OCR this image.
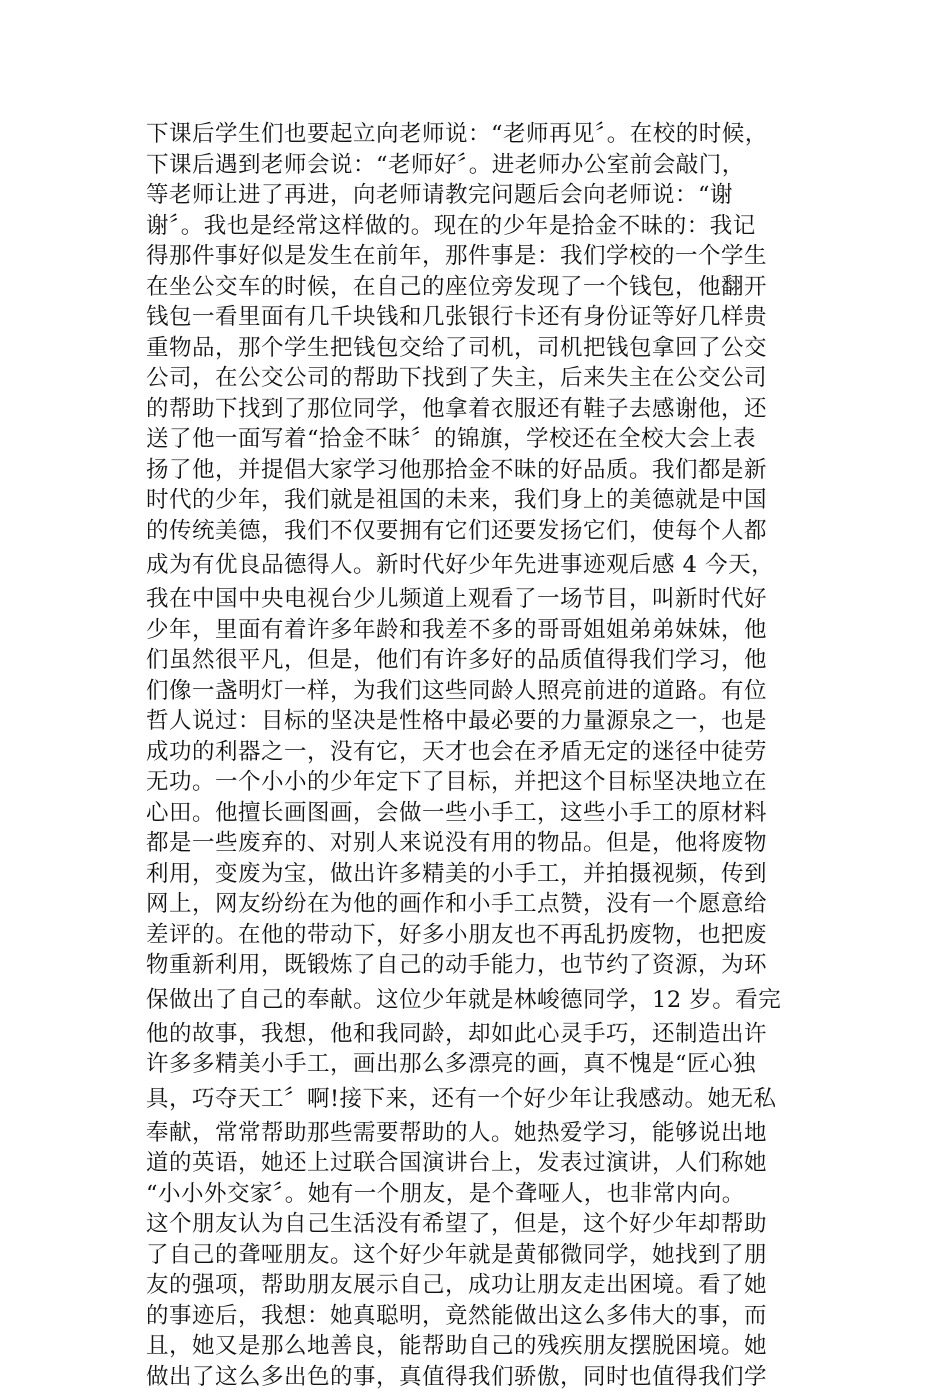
下课后学生们也要起立向老师说：“老师再见〞。在校的时候，
下课后遇到老师会说：“老师好〞。进老师办公室前会敲门，
等老师让进了再进，向老师请教完问题后会向老师说：“谢
谢〞。我也是经常这样做的。现在的少年是拾金不昧的：我记
得那件事好似是发生在前年，那件事是：我们学校的一个学生
在坐公交车的时候，在自己的座位旁发现了一个钱包，他翻开
钱包一看里面有几千块钱和几张银行卡还有身份证等好几样贵
重物品，那个学生把钱包交给了司机，司机把钱包拿回了公交
公司，在公交公司的帮助下找到了失主，后来失主在公交公司
的帮助下找到了那位同学，他拿着衣服还有鞋子去感谢他，还
送了他一面写着“拾金不昧〞的锦旗，学校还在全校大会上表
扬了他，并提倡大家学习他那拾金不昧的好品质。我们都是新
时代的少年，我们就是祖国的未来，我们身上的美德就是中国
的传统美德，我们不仅要拥有它们还要发扬它们，使每个人都
成为有优良品德得人。新时代好少年先进事迹观后感 4 今天，
我在中国中央电视台少儿频道上观看了一场节目，叫新时代好
少年，里面有着许多年龄和我差不多的哥哥姐姐弟弟妹妹，他
们虽然很平凡，但是，他们有许多好的品质值得我们学习，他
们像一盏明灯一样，为我们这些同龄人照亮前进的道路。有位
哲人说过：目标的坚决是性格中最必要的力量源泉之一，也是
成功的利器之一，没有它，天才也会在矛盾无定的迷径中徒劳
无功。一个小小的少年定下了目标，并把这个目标坚决地立在
心田。他擅长画图画，会做一些小手工，这些小手工的原材料
都是一些废弃的、对别人来说没有用的物品。但是，他将废物
利用，变废为宝，做出许多精美的小手工，并拍摄视频，传到
网上，网友纷纷在为他的画作和小手工点赞，没有一个愿意给
差评的。在他的带动下，好多小朋友也不再乱扔废物，也把废
物重新利用，既锻炼了自己的动手能力，也节约了资源，为环
保做出了自己的奉献。这位少年就是林峻德同学，12 岁。看完
他的故事，我想，他和我同龄，却如此心灵手巧，还制造出许
许多多精美小手工，画出那么多漂亮的画，真不愧是“匠心独
具，巧夺天工〞啊!接下来，还有一个好少年让我感动。她无私
奉献，常常帮助那些需要帮助的人。她热爱学习，能够说出地
道的英语，她还上过联合国演讲台上，发表过演讲，人们称她
“小小外交家〞。她有一个朋友，是个聋哑人，也非常内向。
这个朋友认为自己生活没有希望了，但是，这个好少年却帮助
了自己的聋哑朋友。这个好少年就是黄郁微同学，她找到了朋
友的强项，帮助朋友展示自己，成功让朋友走出困境。看了她
的事迹后，我想：她真聪明，竟然能做出这么多伟大的事，而
且，她又是那么地善良，能帮助自己的残疾朋友摆脱困境。她
做出了这么多出色的事，真值得我们骄傲，同时也值得我们学
